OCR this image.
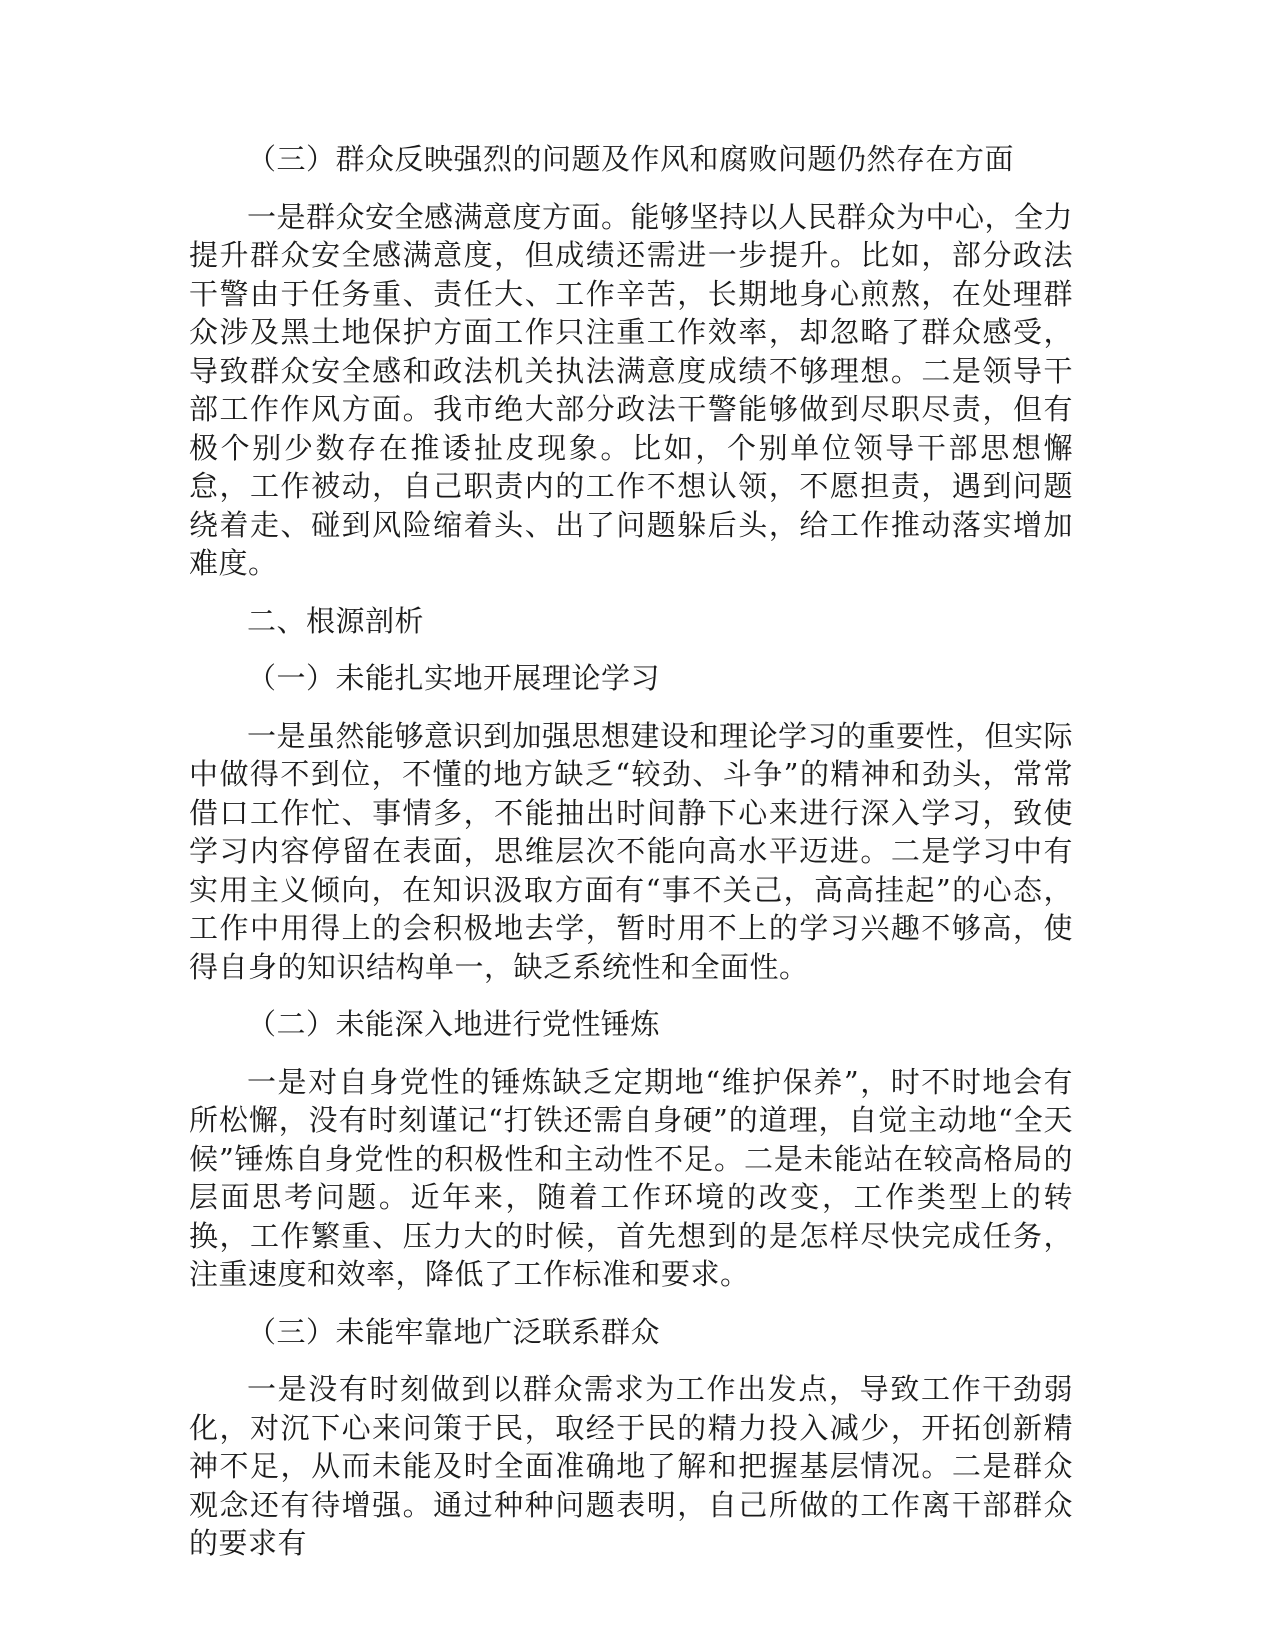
（三）群众反映强烈的问题及作风和腐败问题仍然存在方面

一是群众安全感满意度方面。能够坚持以人民群众为中心，全力提升群众安全感满意度，但成绩还需进一步提升。比如，部分政法干警由于任务重、责任大、工作辛苦，长期地身心煎熬，在处理群众涉及黑土地保护方面工作只注重工作效率，却忽略了群众感受，导致群众安全感和政法机关执法满意度成绩不够理想。二是领导干部工作作风方面。我市绝大部分政法干警能够做到尽职尽责，但有极个别少数存在推诿扯皮现象。比如，个别单位领导干部思想懈怠，工作被动，自己职责内的工作不想认领，不愿担责，遇到问题绕着走、碰到风险缩着头、出了问题躲后头，给工作推动落实增加难度。

二、根源剖析

（一）未能扎实地开展理论学习

一是虽然能够意识到加强思想建设和理论学习的重要性，但实际中做得不到位，不懂的地方缺乏“较劲、斗争”的精神和劲头，常常借口工作忙、事情多，不能抽出时间静下心来进行深入学习，致使学习内容停留在表面，思维层次不能向高水平迈进。二是学习中有实用主义倾向，在知识汲取方面有“事不关己，高高挂起”的心态，工作中用得上的会积极地去学，暂时用不上的学习兴趣不够高，使得自身的知识结构单一，缺乏系统性和全面性。

（二）未能深入地进行党性锤炼

一是对自身党性的锤炼缺乏定期地“维护保养”，时不时地会有所松懈，没有时刻谨记“打铁还需自身硬”的道理，自觉主动地“全天候”锤炼自身党性的积极性和主动性不足。二是未能站在较高格局的层面思考问题。近年来，随着工作环境的改变，工作类型上的转换，工作繁重、压力大的时候，首先想到的是怎样尽快完成任务，注重速度和效率，降低了工作标准和要求。

（三）未能牢靠地广泛联系群众

一是没有时刻做到以群众需求为工作出发点，导致工作干劲弱化，对沉下心来问策于民，取经于民的精力投入减少，开拓创新精神不足，从而未能及时全面准确地了解和把握基层情况。二是群众观念还有待增强。通过种种问题表明，自己所做的工作离干部群众的要求有
